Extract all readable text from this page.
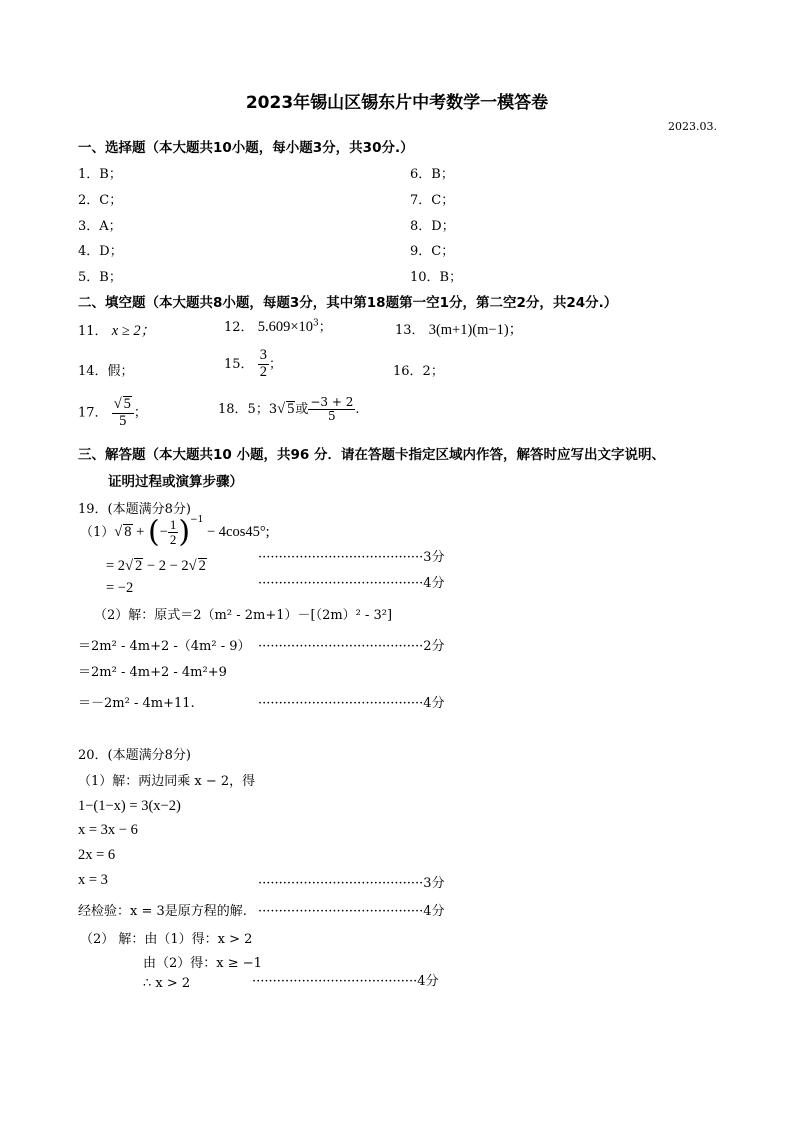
2023年锡山区锡东片中考数学一模答卷
2023.03.
一、选择题（本大题共10小题，每小题3分，共30分.）
1．B；
2．C；
3．A；
4．D；
5．B；
6．B；
7．C；
8．D；
9．C；
10．B；
二、填空题（本大题共8小题，每题3分，其中第18题第一空1分，第二空2分，共24分.）
11． x ≥ 2；	12． $5.609\times 10^3$；	13． 3(m+1)(m−1)；
14．假；	15． $\frac{3}{2}$ ；	16．2；
17． $\frac{√ 5}{5}$ ；	18．5；3√ 5或 $\frac{-3 + 2}{5}$ .
三、解答题（本大题共10 小题，共96 分．请在答题卡指定区域内作答，解答时应写出文字说明、
证明过程或演算步骤）
19．(本题满分8分)
（1）√ 8 + (− $\frac{1}{2} )^{-1} - 4\cos 45^\circ$;
= 2√ 2 − 2 − 2√ 2
········································3分
= −2	········································4分
（2）解：原式＝2（m² - 2m+1）－[（2m）² - 3²]
＝2m² - 4m+2 -（4m² - 9） ········································2分
＝2m² - 4m+2 - 4m²+9
＝－2m² - 4m+11.	········································4分
20．(本题满分8分)
（1）解：两边同乘 x − 2，得
1−(1−x) = 3(x−2)
x = 3x − 6
2x = 6
x = 3	········································3分
经检验：x = 3是原方程的解. ········································4分
（2） 解：由（1）得：x > 2
由（2）得：x ≥ −1
∴ x > 2	········································4分
